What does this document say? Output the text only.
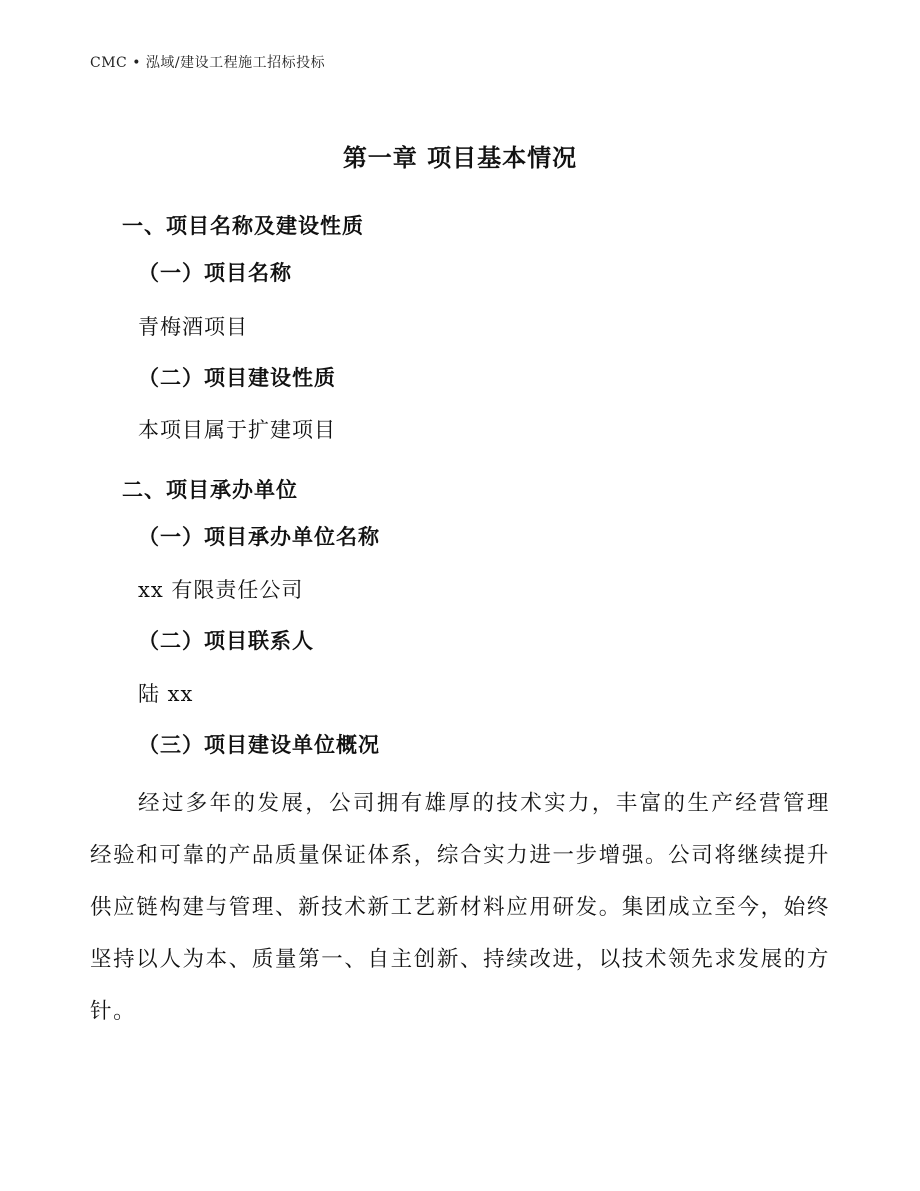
CMC • 泓域/建设工程施工招标投标
第一章 项目基本情况
一、项目名称及建设性质
（一）项目名称
青梅酒项目
（二）项目建设性质
本项目属于扩建项目
二、项目承办单位
（一）项目承办单位名称
xx 有限责任公司
（二）项目联系人
陆 xx
（三）项目建设单位概况

经过多年的发展，公司拥有雄厚的技术实力，丰富的生产经营管理经验和可靠的产品质量保证体系，综合实力进一步增强。公司将继续提升供应链构建与管理、新技术新工艺新材料应用研发。集团成立至今，始终坚持以人为本、质量第一、自主创新、持续改进，以技术领先求发展的方针。
